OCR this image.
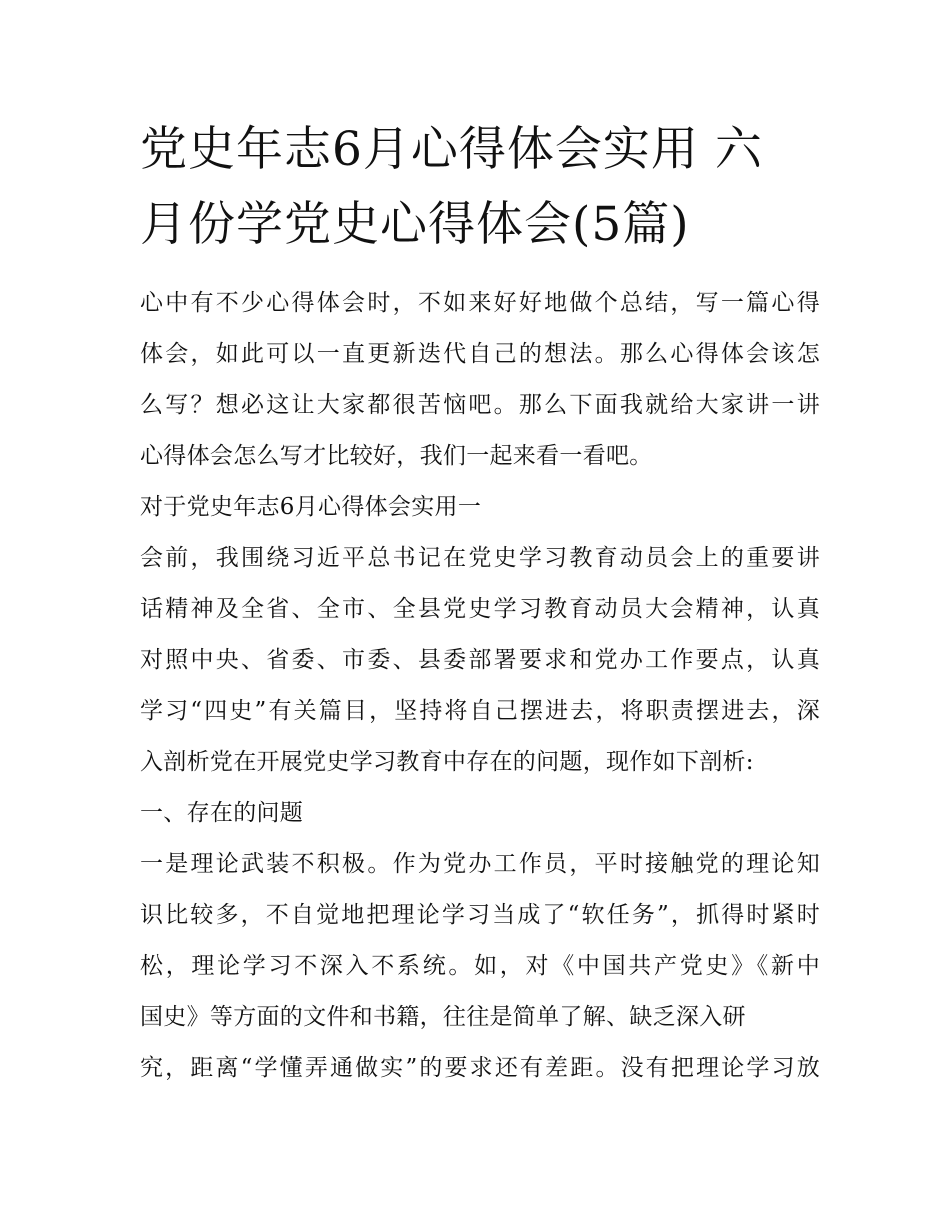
党史年志6月心得体会实用 六
月份学党史心得体会(5篇)
心中有不少心得体会时，不如来好好地做个总结，写一篇心得
体会，如此可以一直更新迭代自己的想法。那么心得体会该怎
么写？想必这让大家都很苦恼吧。那么下面我就给大家讲一讲
心得体会怎么写才比较好，我们一起来看一看吧。
对于党史年志6月心得体会实用一
会前，我围绕习近平总书记在党史学习教育动员会上的重要讲
话精神及全省、全市、全县党史学习教育动员大会精神，认真
对照中央、省委、市委、县委部署要求和党办工作要点，认真
学习“四史”有关篇目，坚持将自己摆进去，将职责摆进去，深
入剖析党在开展党史学习教育中存在的问题，现作如下剖析:
一、存在的问题
一是理论武装不积极。作为党办工作员，平时接触党的理论知
识比较多，不自觉地把理论学习当成了“软任务”，抓得时紧时
松，理论学习不深入不系统。如，对《中国共产党史》《新中
国史》等方面的文件和书籍，往往是简单了解、缺乏深入研
究，距离“学懂弄通做实”的要求还有差距。没有把理论学习放
